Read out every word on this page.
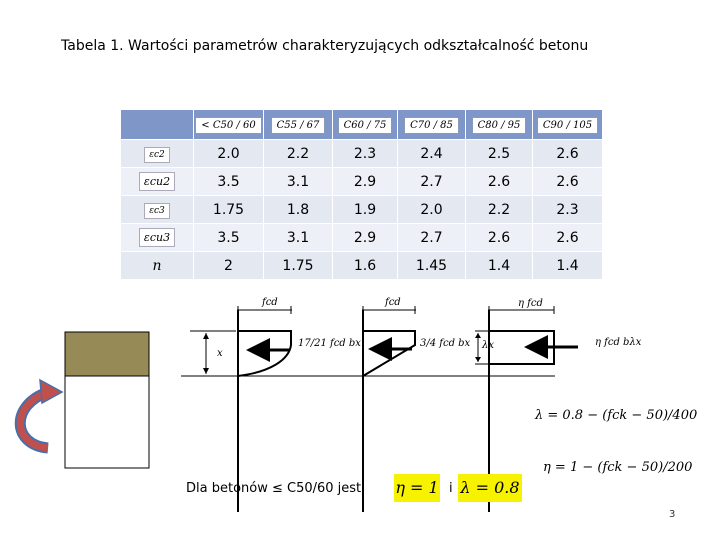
Tabela 1. Wartości parametrów charakteryzujących odkształcalność betonu
	< C50 / 60	C55 / 67	C60 / 75	C70 / 85	C80 / 95	C90 / 105
εc2	2.0	2.2	2.3	2.4	2.5	2.6
εcu2	3.5	3.1	2.9	2.7	2.6	2.6
εc3	1.75	1.8	1.9	2.0	2.2	2.3
εcu3	3.5	3.1	2.9	2.7	2.6	2.6
n	2	1.75	1.6	1.45	1.4	1.4
fcd	fcd	η fcd
x
17/21 fcd bx	3/4 fcd bx λx	η fcd bλx
λ = 0.8 − (fck − 50)/400
η = 1 − (fck − 50)/200
Dla betonów ≤ C50/60 jest η = 1 i λ = 0.8
3
